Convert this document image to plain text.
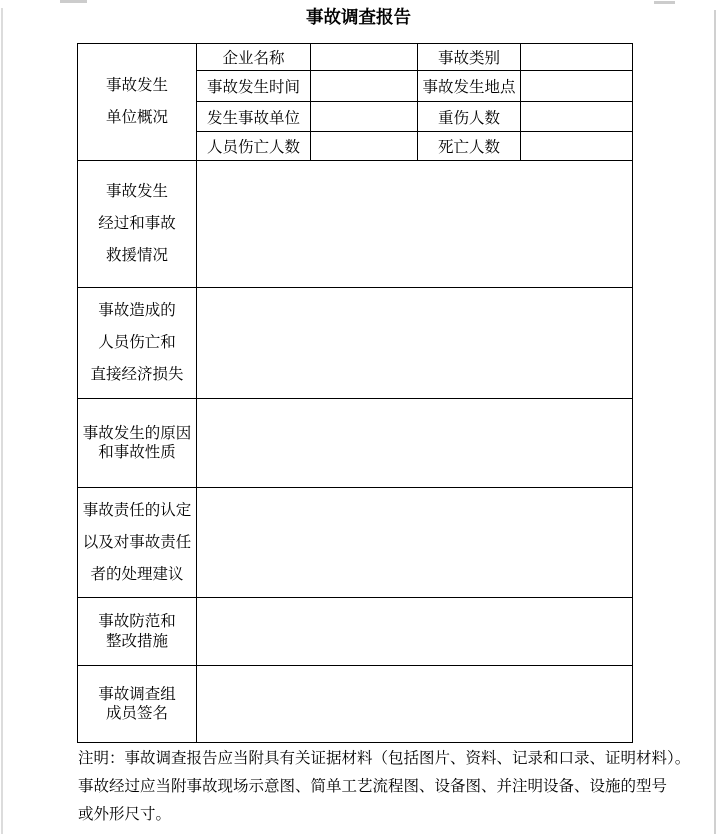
事故调查报告
事故发生
单位概况	企业名称		事故类别	
	事故发生时间		事故发生地点	
	发生事故单位		重伤人数	
	人员伤亡人数		死亡人数	

事故发生
经过和事故
救援情况				

事故造成的
人员伤亡和
直接经济损失				

事故发生的原因
和事故性质				

事故责任的认定
以及对事故责任
者的处理建议				

事故防范和
整改措施				

事故调查组
成员签名				

注明：事故调查报告应当附具有关证据材料（包括图片、资料、记录和口录、证明材料）。
事故经过应当附事故现场示意图、简单工艺流程图、设备图、并注明设备、设施的型号
或外形尺寸。
